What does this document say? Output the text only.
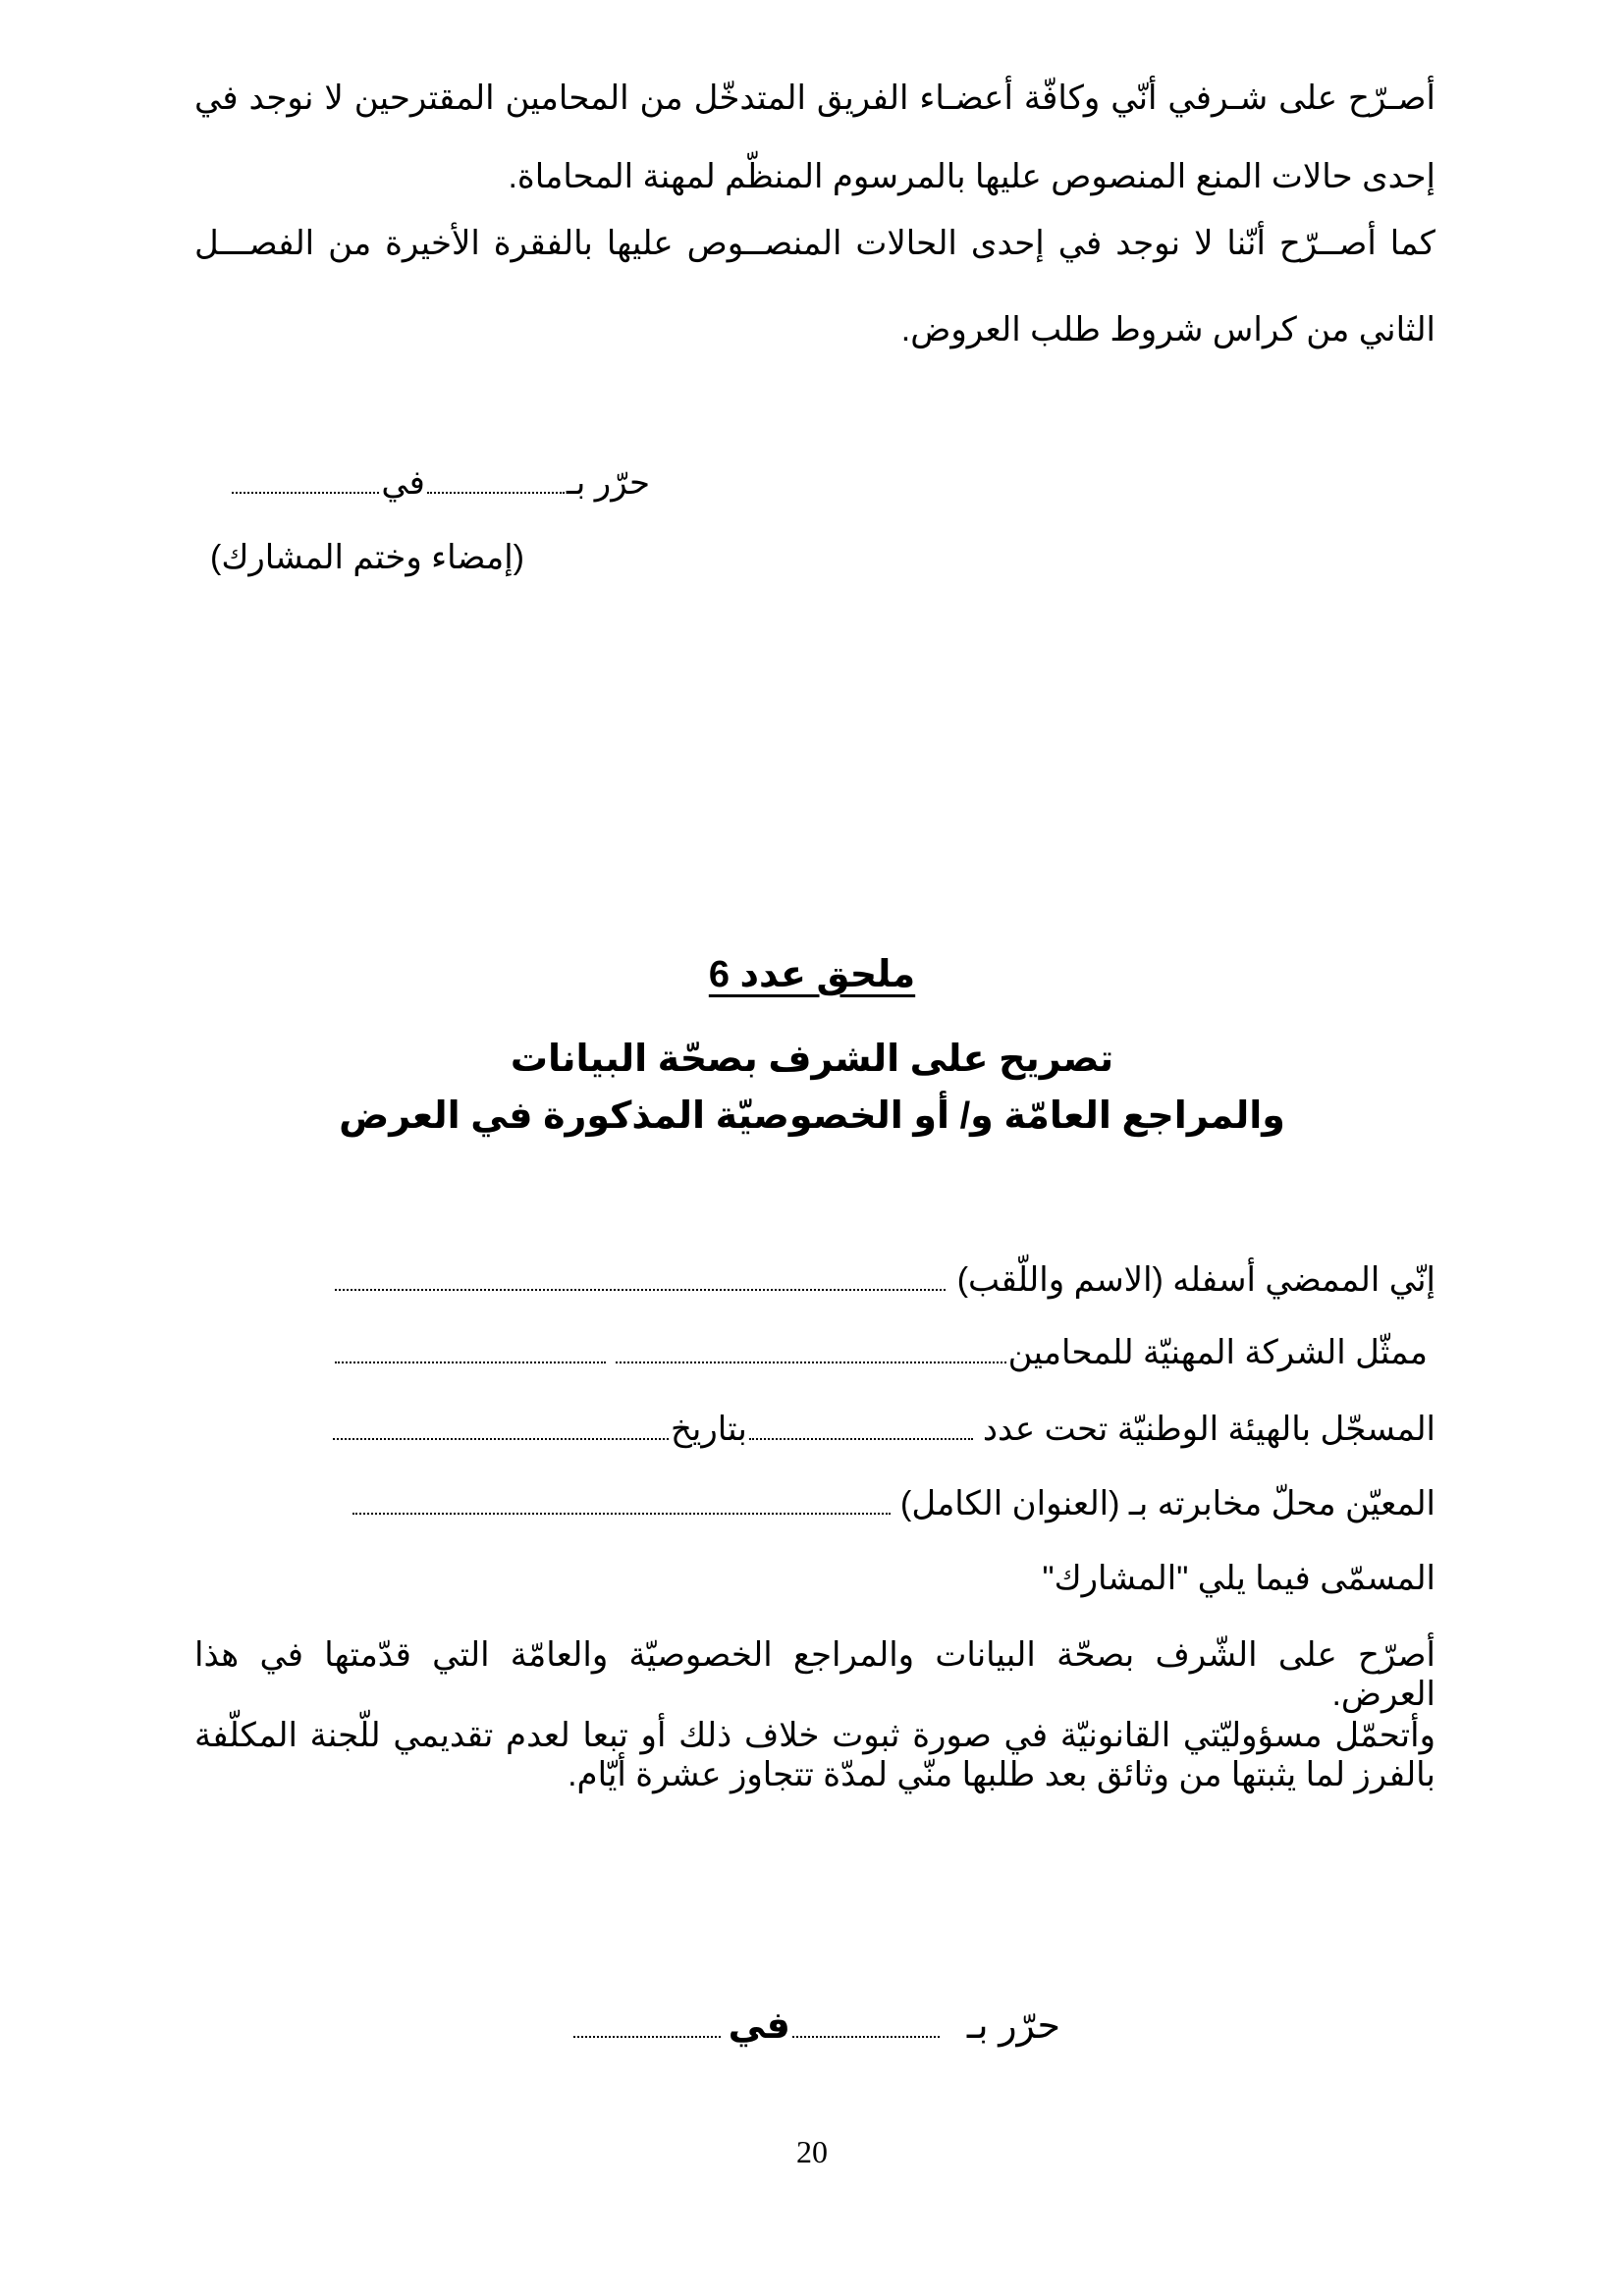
أصـرّح على شـرفي أنّي وكافّة أعضـاء الفريق المتدخّل من المحامين المقترحين لا نوجد في
إحدى حالات المنع المنصوص عليها بالمرسوم المنظّم لمهنة المحاماة.
كما أصــرّح أنّنا لا نوجد في إحدى الحالات المنصــوص عليها بالفقرة الأخيرة من الفصـــل
الثاني من كراس شروط طلب العروض.
حرّر بـفي
(إمضاء وختم المشارك)
ملحق عدد 6
تصريح على الشرف بصحّة البيانات
والمراجع العامّة و/ أو الخصوصيّة المذكورة في العرض
إنّي الممضي أسفله (الاسم واللّقب)
ممثّل الشركة المهنيّة للمحامين
المسجّل بالهيئة الوطنيّة تحت عددبتاريخ
المعيّن محلّ مخابرته بـ (العنوان الكامل)
المسمّى فيما يلي "المشارك"
أصرّح على الشّرف بصحّة البيانات والمراجع الخصوصيّة والعامّة التي قدّمتها في هذا
العرض.
وأتحمّل مسؤوليّتي القانونيّة في صورة ثبوت خلاف ذلك أو تبعا لعدم تقديمي للّجنة المكلّفة
بالفرز لما يثبتها من وثائق بعد طلبها منّي لمدّة تتجاوز عشرة أيّام.
حرّر بـفي
20
